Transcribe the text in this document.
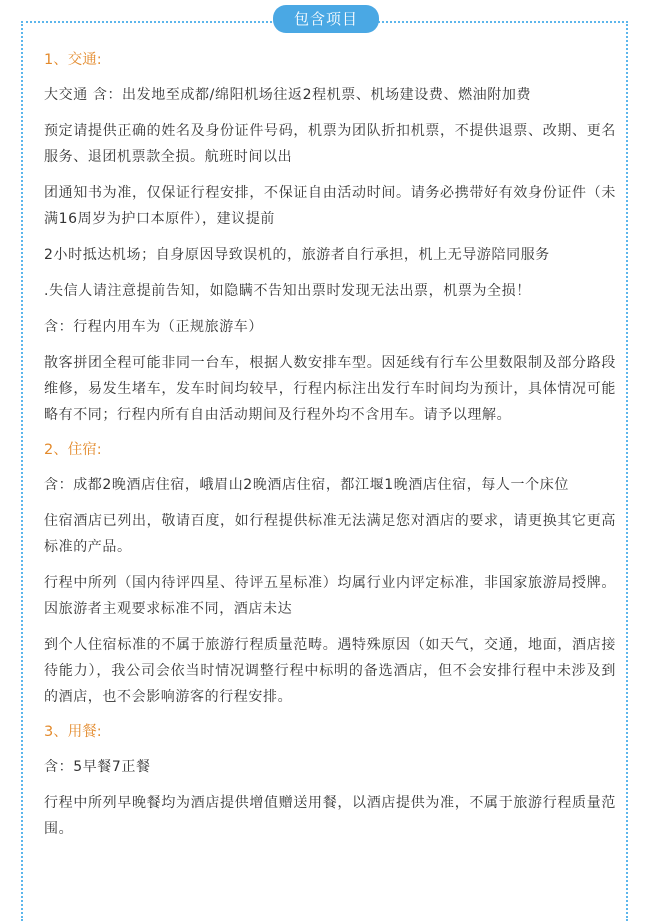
包含项目
1、交通:
大交通 含：出发地至成都/绵阳机场往返2程机票、机场建设费、燃油附加费
预定请提供正确的姓名及身份证件号码，机票为团队折扣机票，不提供退票、改期、更名服务、退团机票款全损。航班时间以出
团通知书为准，仅保证行程安排，不保证自由活动时间。请务必携带好有效身份证件（未满16周岁为护口本原件），建议提前
2小时抵达机场；自身原因导致误机的，旅游者自行承担，机上无导游陪同服务
.失信人请注意提前告知，如隐瞒不告知出票时发现无法出票，机票为全损！
含：行程内用车为（正规旅游车）
散客拼团全程可能非同一台车，根据人数安排车型。因延线有行车公里数限制及部分路段维修，易发生堵车，发车时间均较早，行程内标注出发行车时间均为预计，具体情况可能略有不同；行程内所有自由活动期间及行程外均不含用车。请予以理解。
2、住宿:
含：成都2晚酒店住宿，峨眉山2晚酒店住宿，都江堰1晚酒店住宿，每人一个床位
住宿酒店已列出，敬请百度，如行程提供标准无法满足您对酒店的要求，请更换其它更高标准的产品。
行程中所列（国内待评四星、待评五星标准）均属行业内评定标准，非国家旅游局授牌。因旅游者主观要求标准不同，酒店未达
到个人住宿标准的不属于旅游行程质量范畴。遇特殊原因（如天气，交通，地面，酒店接待能力），我公司会依当时情况调整行程中标明的备选酒店，但不会安排行程中未涉及到的酒店，也不会影响游客的行程安排。
3、用餐:
含：5早餐7正餐
行程中所列早晚餐均为酒店提供增值赠送用餐，以酒店提供为准，不属于旅游行程质量范围。
